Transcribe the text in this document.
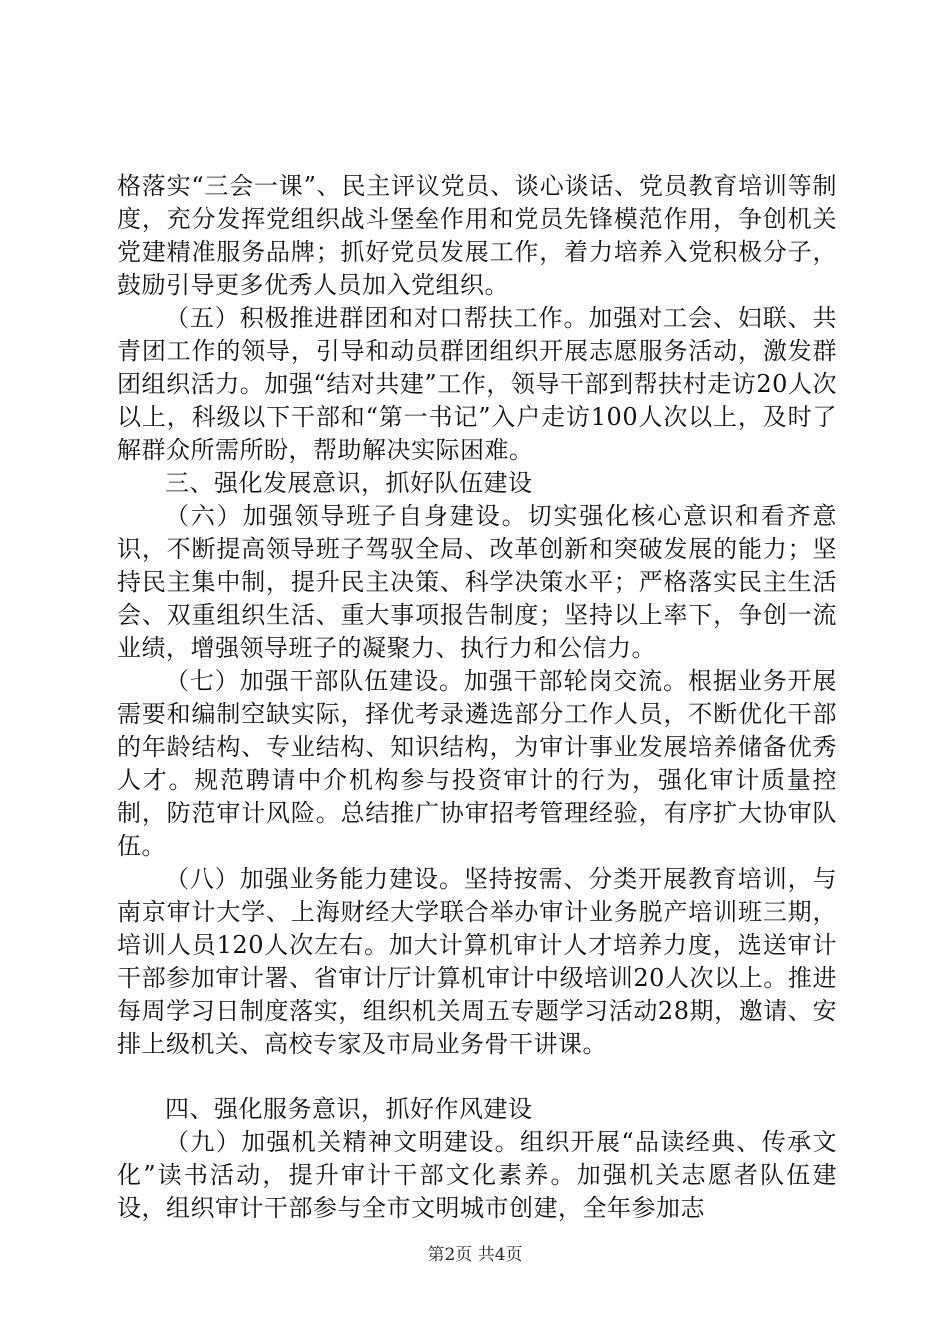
格落实“三会一课”、民主评议党员、谈心谈话、党员教育培训等制度，充分发挥党组织战斗堡垒作用和党员先锋模范作用，争创机关党建精准服务品牌；抓好党员发展工作，着力培养入党积极分子，鼓励引导更多优秀人员加入党组织。

（五）积极推进群团和对口帮扶工作。加强对工会、妇联、共青团工作的领导，引导和动员群团组织开展志愿服务活动，激发群团组织活力。加强“结对共建”工作，领导干部到帮扶村走访20人次以上，科级以下干部和“第一书记”入户走访100人次以上，及时了解群众所需所盼，帮助解决实际困难。

三、强化发展意识，抓好队伍建设

（六）加强领导班子自身建设。切实强化核心意识和看齐意识，不断提高领导班子驾驭全局、改革创新和突破发展的能力；坚持民主集中制，提升民主决策、科学决策水平；严格落实民主生活会、双重组织生活、重大事项报告制度；坚持以上率下，争创一流业绩，增强领导班子的凝聚力、执行力和公信力。

（七）加强干部队伍建设。加强干部轮岗交流。根据业务开展需要和编制空缺实际，择优考录遴选部分工作人员，不断优化干部的年龄结构、专业结构、知识结构，为审计事业发展培养储备优秀人才。规范聘请中介机构参与投资审计的行为，强化审计质量控制，防范审计风险。总结推广协审招考管理经验，有序扩大协审队伍。

（八）加强业务能力建设。坚持按需、分类开展教育培训，与南京审计大学、上海财经大学联合举办审计业务脱产培训班三期，培训人员120人次左右。加大计算机审计人才培养力度，选送审计干部参加审计署、省审计厅计算机审计中级培训20人次以上。推进每周学习日制度落实，组织机关周五专题学习活动28期，邀请、安排上级机关、高校专家及市局业务骨干讲课。

四、强化服务意识，抓好作风建设

（九）加强机关精神文明建设。组织开展“品读经典、传承文化”读书活动，提升审计干部文化素养。加强机关志愿者队伍建设，组织审计干部参与全市文明城市创建，全年参加志

第2页 共4页
